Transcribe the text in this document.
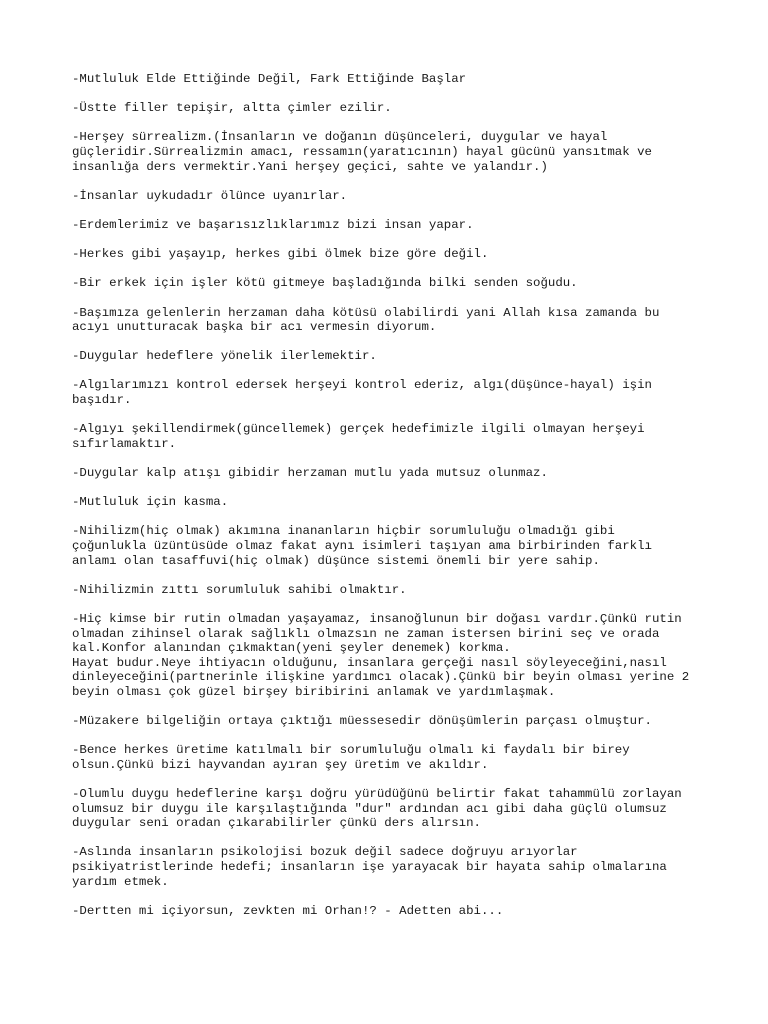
-Mutluluk Elde Ettiğinde Değil, Fark Ettiğinde Başlar

-Üstte filler tepişir, altta çimler ezilir.

-Herşey sürrealizm.(İnsanların ve doğanın düşünceleri, duygular ve hayal
güçleridir.Sürrealizmin amacı, ressamın(yaratıcının) hayal gücünü yansıtmak ve
insanlığa ders vermektir.Yani herşey geçici, sahte ve yalandır.)

-İnsanlar uykudadır ölünce uyanırlar.

-Erdemlerimiz ve başarısızlıklarımız bizi insan yapar.

-Herkes gibi yaşayıp, herkes gibi ölmek bize göre değil.

-Bir erkek için işler kötü gitmeye başladığında bilki senden soğudu.

-Başımıza gelenlerin herzaman daha kötüsü olabilirdi yani Allah kısa zamanda bu
acıyı unutturacak başka bir acı vermesin diyorum.

-Duygular hedeflere yönelik ilerlemektir.

-Algılarımızı kontrol edersek herşeyi kontrol ederiz, algı(düşünce-hayal) işin
başıdır.

-Algıyı şekillendirmek(güncellemek) gerçek hedefimizle ilgili olmayan herşeyi
sıfırlamaktır.

-Duygular kalp atışı gibidir herzaman mutlu yada mutsuz olunmaz.

-Mutluluk için kasma.

-Nihilizm(hiç olmak) akımına inananların hiçbir sorumluluğu olmadığı gibi
çoğunlukla üzüntüsüde olmaz fakat aynı isimleri taşıyan ama birbirinden farklı
anlamı olan tasaffuvi(hiç olmak) düşünce sistemi önemli bir yere sahip.

-Nihilizmin zıttı sorumluluk sahibi olmaktır.

-Hiç kimse bir rutin olmadan yaşayamaz, insanoğlunun bir doğası vardır.Çünkü rutin
olmadan zihinsel olarak sağlıklı olmazsın ne zaman istersen birini seç ve orada
kal.Konfor alanından çıkmaktan(yeni şeyler denemek) korkma.
Hayat budur.Neye ihtiyacın olduğunu, insanlara gerçeği nasıl söyleyeceğini,nasıl
dinleyeceğini(partnerinle ilişkine yardımcı olacak).Çünkü bir beyin olması yerine 2
beyin olması çok güzel birşey biribirini anlamak ve yardımlaşmak.

-Müzakere bilgeliğin ortaya çıktığı müessesedir dönüşümlerin parçası olmuştur.

-Bence herkes üretime katılmalı bir sorumluluğu olmalı ki faydalı bir birey
olsun.Çünkü bizi hayvandan ayıran şey üretim ve akıldır.

-Olumlu duygu hedeflerine karşı doğru yürüdüğünü belirtir fakat tahammülü zorlayan
olumsuz bir duygu ile karşılaştığında "dur" ardından acı gibi daha güçlü olumsuz
duygular seni oradan çıkarabilirler çünkü ders alırsın.

-Aslında insanların psikolojisi bozuk değil sadece doğruyu arıyorlar
psikiyatristlerinde hedefi; insanların işe yarayacak bir hayata sahip olmalarına
yardım etmek.

-Dertten mi içiyorsun, zevkten mi Orhan!? - Adetten abi...
